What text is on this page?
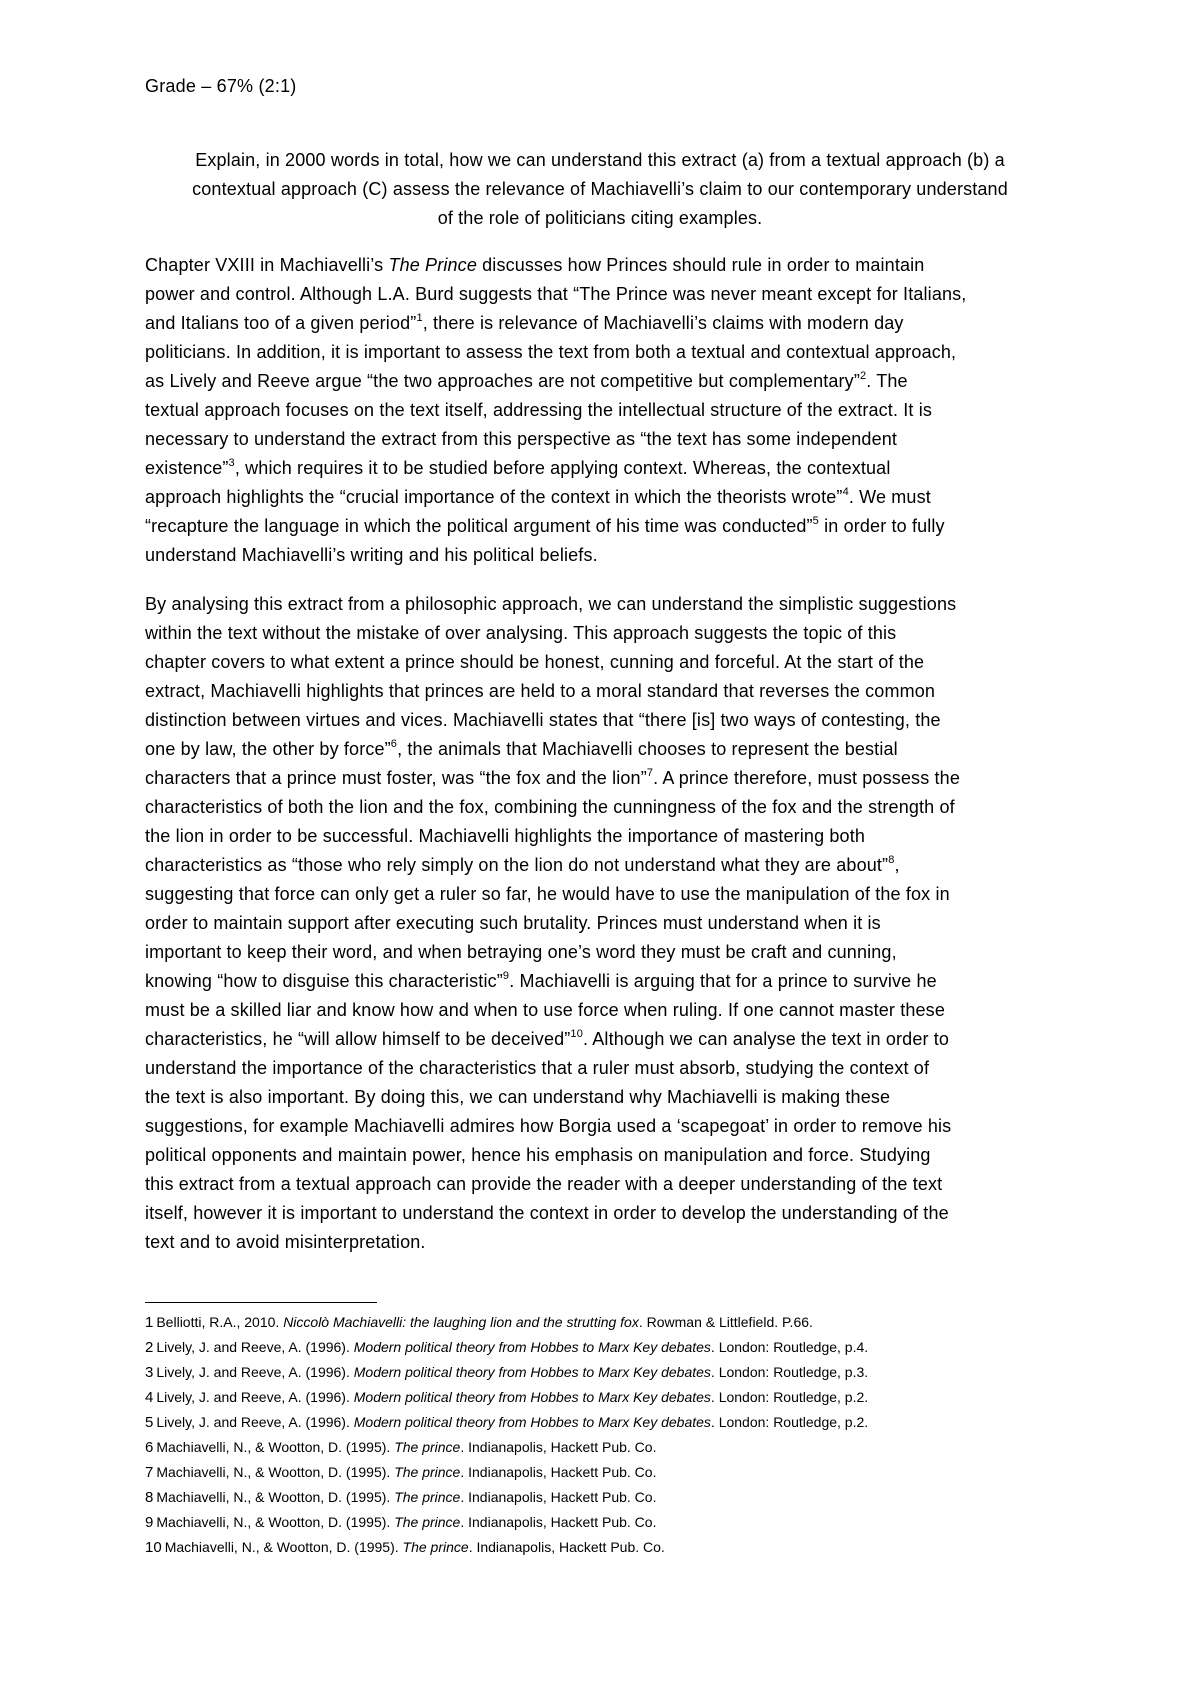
Grade – 67% (2:1)
Explain, in 2000 words in total, how we can understand this extract (a) from a textual approach (b) a
contextual approach (C) assess the relevance of Machiavelli’s claim to our contemporary understand
of the role of politicians citing examples.
Chapter VXIII in Machiavelli’s The Prince discusses how Princes should rule in order to maintain
power and control. Although L.A. Burd suggests that “The Prince was never meant except for Italians,
and Italians too of a given period”$^1$, there is relevance of Machiavelli’s claims with modern day
politicians. In addition, it is important to assess the text from both a textual and contextual approach,
as Lively and Reeve argue “the two approaches are not competitive but complementary”$^2$. The
textual approach focuses on the text itself, addressing the intellectual structure of the extract. It is
necessary to understand the extract from this perspective as “the text has some independent
existence”$^3$, which requires it to be studied before applying context. Whereas, the contextual
approach highlights the “crucial importance of the context in which the theorists wrote”$^4$. We must
“recapture the language in which the political argument of his time was conducted”$^5$ in order to fully
understand Machiavelli’s writing and his political beliefs.
By analysing this extract from a philosophic approach, we can understand the simplistic suggestions
within the text without the mistake of over analysing. This approach suggests the topic of this
chapter covers to what extent a prince should be honest, cunning and forceful. At the start of the
extract, Machiavelli highlights that princes are held to a moral standard that reverses the common
distinction between virtues and vices. Machiavelli states that “there [is] two ways of contesting, the
one by law, the other by force”$^6$, the animals that Machiavelli chooses to represent the bestial
characters that a prince must foster, was “the fox and the lion”$^7$. A prince therefore, must possess the
characteristics of both the lion and the fox, combining the cunningness of the fox and the strength of
the lion in order to be successful. Machiavelli highlights the importance of mastering both
characteristics as “those who rely simply on the lion do not understand what they are about”$^8$,
suggesting that force can only get a ruler so far, he would have to use the manipulation of the fox in
order to maintain support after executing such brutality. Princes must understand when it is
important to keep their word, and when betraying one’s word they must be craft and cunning,
knowing “how to disguise this characteristic”$^9$. Machiavelli is arguing that for a prince to survive he
must be a skilled liar and know how and when to use force when ruling. If one cannot master these
characteristics, he “will allow himself to be deceived”$^{10}$. Although we can analyse the text in order to
understand the importance of the characteristics that a ruler must absorb, studying the context of
the text is also important. By doing this, we can understand why Machiavelli is making these
suggestions, for example Machiavelli admires how Borgia used a ‘scapegoat’ in order to remove his
political opponents and maintain power, hence his emphasis on manipulation and force. Studying
this extract from a textual approach can provide the reader with a deeper understanding of the text
itself, however it is important to understand the context in order to develop the understanding of the
text and to avoid misinterpretation.
1 Belliotti, R.A., 2010. Niccolò Machiavelli: the laughing lion and the strutting fox. Rowman & Littlefield. P.66.
2 Lively, J. and Reeve, A. (1996). Modern political theory from Hobbes to Marx Key debates. London: Routledge, p.4.
3 Lively, J. and Reeve, A. (1996). Modern political theory from Hobbes to Marx Key debates. London: Routledge, p.3.
4 Lively, J. and Reeve, A. (1996). Modern political theory from Hobbes to Marx Key debates. London: Routledge, p.2.
5 Lively, J. and Reeve, A. (1996). Modern political theory from Hobbes to Marx Key debates. London: Routledge, p.2.
6 Machiavelli, N., & Wootton, D. (1995). The prince. Indianapolis, Hackett Pub. Co.
7 Machiavelli, N., & Wootton, D. (1995). The prince. Indianapolis, Hackett Pub. Co.
8 Machiavelli, N., & Wootton, D. (1995). The prince. Indianapolis, Hackett Pub. Co.
9 Machiavelli, N., & Wootton, D. (1995). The prince. Indianapolis, Hackett Pub. Co.
10 Machiavelli, N., & Wootton, D. (1995). The prince. Indianapolis, Hackett Pub. Co.
